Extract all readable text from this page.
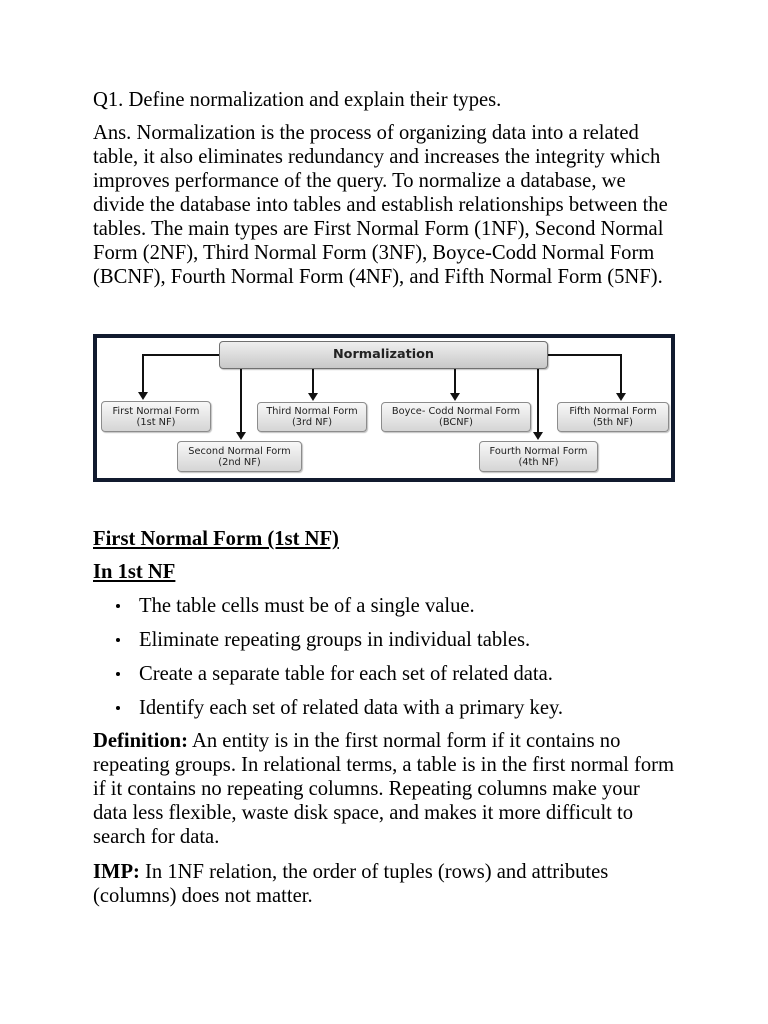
Q1. Define normalization and explain their types.
Ans. Normalization is the process of organizing data into a related
table, it also eliminates redundancy and increases the integrity which
improves performance of the query. To normalize a database, we
divide the database into tables and establish relationships between the
tables. The main types are First Normal Form (1NF), Second Normal
Form (2NF), Third Normal Form (3NF), Boyce-Codd Normal Form
(BCNF), Fourth Normal Form (4NF), and Fifth Normal Form (5NF).
Normalization
First Normal Form
(1st NF)
Third Normal Form
(3rd NF)
Boyce- Codd Normal Form
(BCNF)
Fifth Normal Form
(5th NF)
Second Normal Form
(2nd NF)
Fourth Normal Form
(4th NF)
First Normal Form (1st NF)
In 1st NF
The table cells must be of a single value.
Eliminate repeating groups in individual tables.
Create a separate table for each set of related data.
Identify each set of related data with a primary key.
Definition: An entity is in the first normal form if it contains no
repeating groups. In relational terms, a table is in the first normal form
if it contains no repeating columns. Repeating columns make your
data less flexible, waste disk space, and makes it more difficult to
search for data.
IMP: In 1NF relation, the order of tuples (rows) and attributes
(columns) does not matter.
